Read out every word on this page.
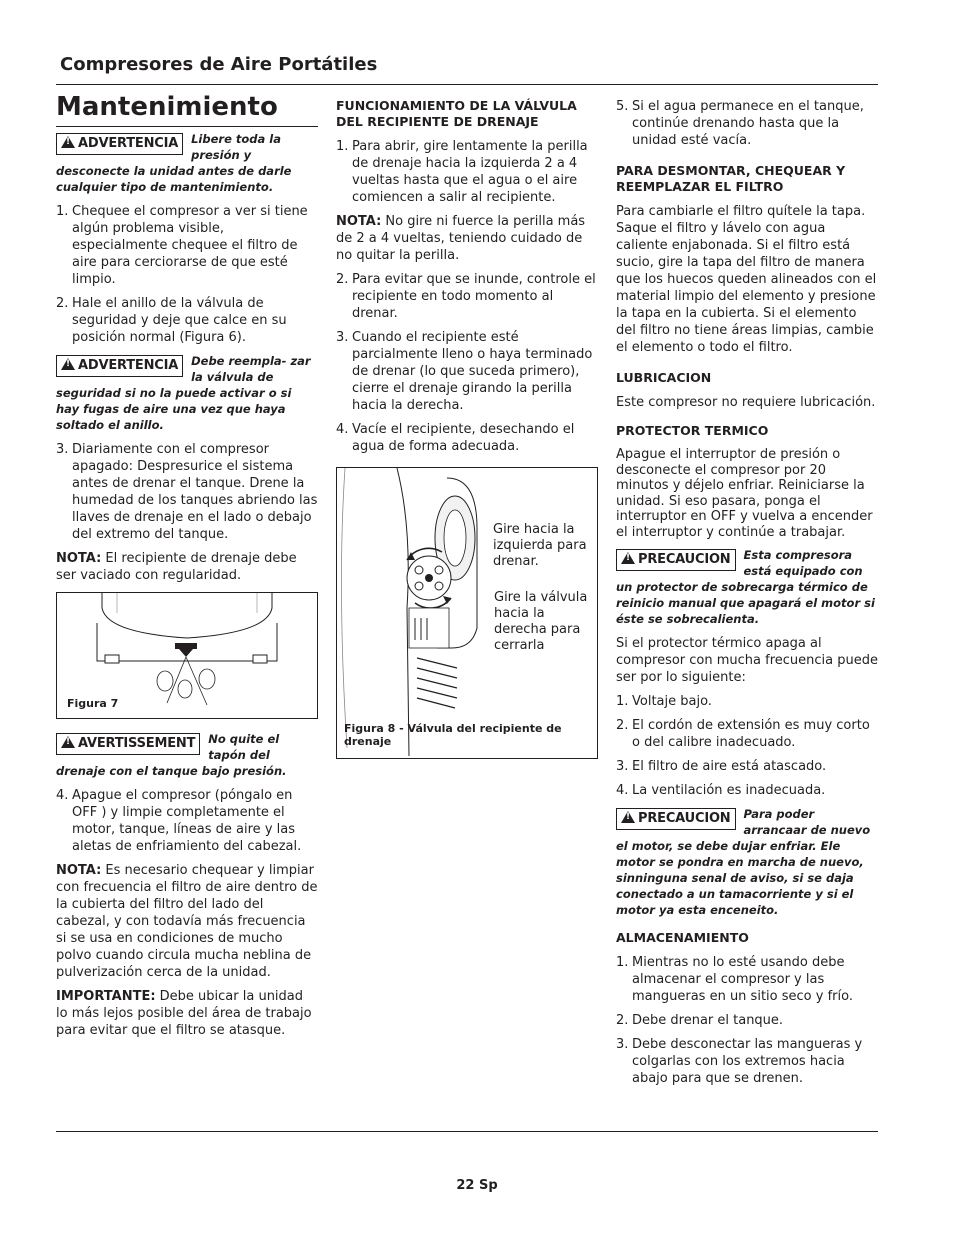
Compresores de Aire Portátiles
Mantenimiento
!ADVERTENCIA	Libere toda la presión y desconecte la unidad antes de darle cualquier tipo de mantenimiento.
1. Chequee el compresor a ver si tiene algún problema visible, especialmente chequee el filtro de aire para cerciorarse de que esté limpio.
2. Hale el anillo de la válvula de seguridad y deje que calce en su posición normal (Figura 6).
!ADVERTENCIA	Debe reempla- zar la válvula de seguridad si no la puede activar o si hay fugas de aire una vez que haya soltado el anillo.
3. Diariamente con el compresor apagado: Despresurice el sistema antes de drenar el tanque. Drene la humedad de los tanques abriendo las llaves de drenaje en el lado o debajo del extremo del tanque.
NOTA: El recipiente de drenaje debe ser vaciado con regularidad.
Figura 7
!AVERTISSEMENT	No quite el tapón del drenaje con el tanque bajo presión.
4. Apague el compresor (póngalo en OFF ) y limpie completamente el motor, tanque, líneas de aire y las aletas de enfriamiento del cabezal.
NOTA: Es necesario chequear y limpiar con frecuencia el filtro de aire dentro de la cubierta del filtro del lado del cabezal, y con todavía más frecuencia si se usa en condiciones de mucho polvo cuando circula mucha neblina de pulverización cerca de la unidad.
IMPORTANTE: Debe ubicar la unidad lo más lejos posible del área de trabajo para evitar que el filtro se atasque.
FUNCIONAMIENTO DE LA VÁLVULA DEL RECIPIENTE DE DRENAJE
1. Para abrir, gire lentamente la perilla de drenaje hacia la izquierda 2 a 4 vueltas hasta que el agua o el aire comiencen a salir al recipiente.
NOTA: No gire ni fuerce la perilla más de 2 a 4 vueltas, teniendo cuidado de no quitar la perilla.
2. Para evitar que se inunde, controle el recipiente en todo momento al drenar.
3. Cuando el recipiente esté parcialmente lleno o haya terminado de drenar (lo que suceda primero), cierre el drenaje girando la perilla hacia la derecha.
4. Vacíe el recipiente, desechando el agua de forma adecuada.
Gire hacia la izquierda para drenar.
Gire la válvula hacia la derecha para cerrarla
Figura 8 - Válvula del recipiente de drenaje
5. Si el agua permanece en el tanque, continúe drenando hasta que la unidad esté vacía.
PARA DESMONTAR, CHEQUEAR Y REEMPLAZAR EL FILTRO
Para cambiarle el filtro quítele la tapa. Saque el filtro y lávelo con agua caliente enjabonada. Si el filtro está sucio, gire la tapa del filtro de manera que los huecos queden alineados con el material limpio del elemento y presione la tapa en la cubierta. Si el elemento del filtro no tiene áreas limpias, cambie el elemento o todo el filtro.
LUBRICACION
Este compresor no requiere lubricación.
PROTECTOR TERMICO
Apague el interruptor de presión o desconecte el compresor por 20 minutos y déjelo enfriar. Reiniciarse la unidad. Si eso pasara, ponga el interruptor en OFF y vuelva a encender el interruptor y continúe a trabajar.
!PRECAUCION	Esta compresora está equipado con un protector de sobrecarga térmico de reinicio manual que apagará el motor si éste se sobrecalienta.
Si el protector térmico apaga al compresor con mucha frecuencia puede ser por lo siguiente:
1. Voltaje bajo.
2. El cordón de extensión es muy corto o del calibre inadecuado.
3. El filtro de aire está atascado.
4. La ventilación es inadecuada.
!PRECAUCION	Para poder arrancaar de nuevo el motor, se debe dujar enfriar. Ele motor se pondra en marcha de nuevo, sinninguna senal de aviso, si se daja conectado a un tamacorriente y si el motor ya esta enceneito.
ALMACENAMIENTO
1. Mientras no lo esté usando debe almacenar el compresor y las mangueras en un sitio seco y frío.
2. Debe drenar el tanque.
3. Debe desconectar las mangueras y colgarlas con los extremos hacia abajo para que se drenen.
22 Sp
